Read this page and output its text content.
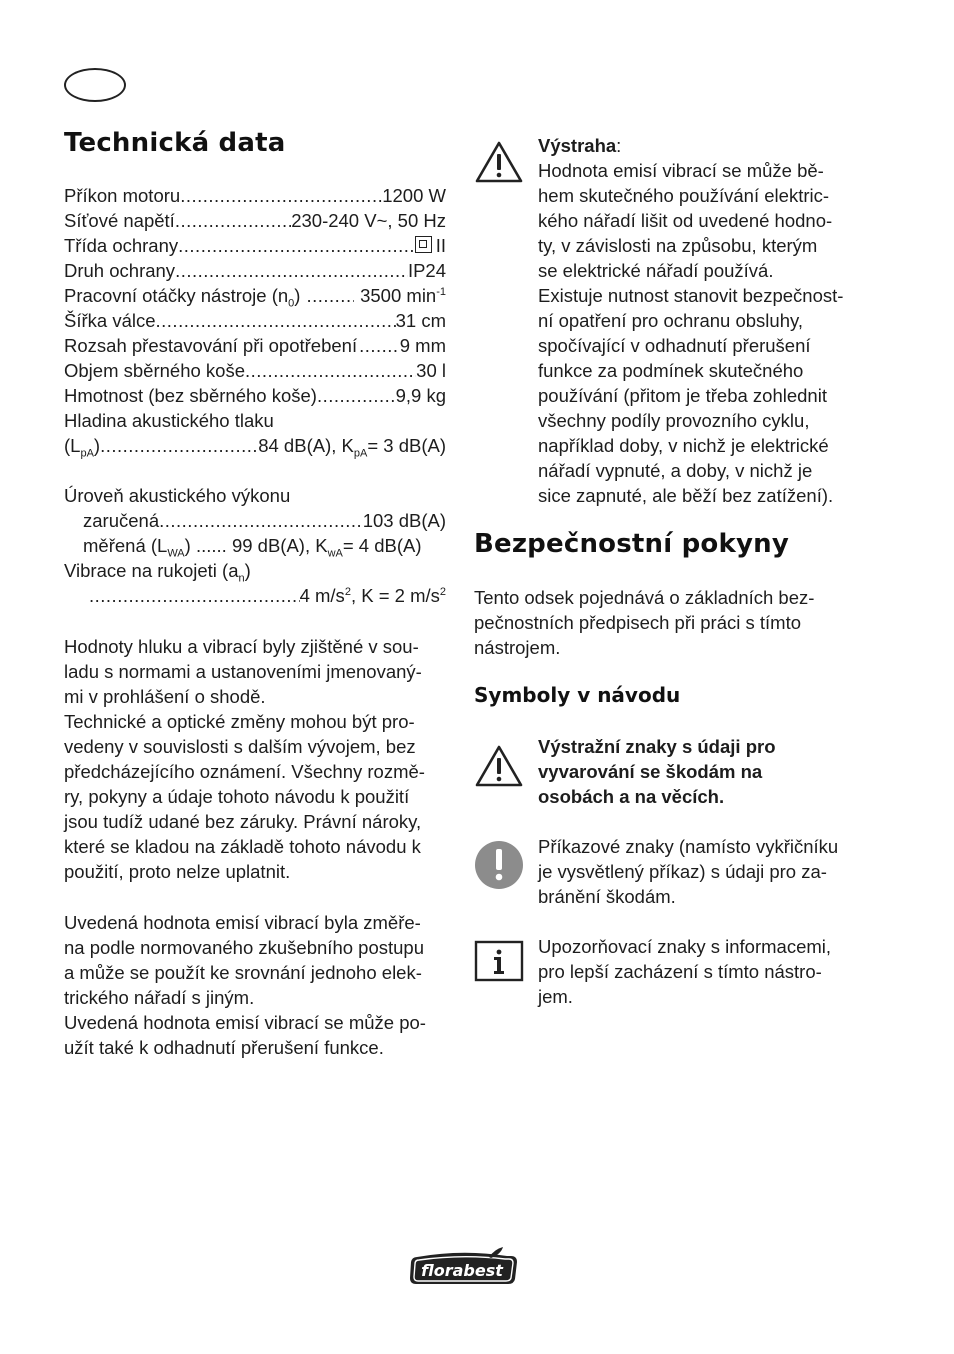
Technická data
Příkon motoru .....	1200 W
Síťové napětí .....	230-240 V~, 50 Hz
Třída ochrany .....	II
Druh ochrany .....	IP24
Pracovní otáčky nástroje $(n_0)$ .....	3500 $\min^{-1}$
Šířka válce .....	31 cm
Rozsah přestavování při opotřebení ..... 9 mm
Objem sběrného koše .....	30 l
Hmotnost (bez sběrného koše) .....	9,9 kg
Hladina akustického tlaku
$(L_{pA})$ .....	84 dB(A), $K_{pA}= 3$ dB(A)
Úroveň akustického výkonu
zaručená .....	103 dB(A)
měřená $(L_{WA})$ ...... 99 dB(A), $K_{wA}= 4$ dB(A)
Vibrace na rukojeti $(a_n)$
.....
4 $m/s^2$, K = 2 $m/s^2$
Hodnoty hluku a vibrací byly zjištěné v sou-
ladu s normami a ustanoveními jmenovaný-
mi v prohlášení o shodě.
Technické a optické změny mohou být pro-
vedeny v souvislosti s dalším vývojem, bez
předcházejícího oznámení. Všechny rozmě-
ry, pokyny a údaje tohoto návodu k použití
jsou tudíž udané bez záruky. Právní nároky,
které se kladou na základě tohoto návodu k
použití, proto nelze uplatnit.
Uvedená hodnota emisí vibrací byla změře-
na podle normovaného zkušebního postupu
a může se použít ke srovnání jednoho elek-
trického nářadí s jiným.
Uvedená hodnota emisí vibrací se může po-
užít také k odhadnutí přerušení funkce.
Výstraha:
Hodnota emisí vibrací se může bě-
hem skutečného používání elektric-
kého nářadí lišit od uvedené hodno-
ty, v závislosti na způsobu, kterým
se elektrické nářadí používá.
Existuje nutnost stanovit bezpečnost-
ní opatření pro ochranu obsluhy,
spočívající v odhadnutí přerušení
funkce za podmínek skutečného
používání (přitom je třeba zohlednit
všechny podíly provozního cyklu,
například doby, v nichž je elektrické
nářadí vypnuté, a doby, v nichž je
sice zapnuté, ale běží bez zatížení).
Bezpečnostní pokyny
Tento odsek pojednává o základních bez-
pečnostních předpisech při práci s tímto
nástrojem.
Symboly v návodu
Výstražní znaky s údaji pro
vyvarování se škodám na
osobách a na věcích.
Příkazové znaky (namísto vykřičníku
je vysvětlený příkaz) s údaji pro za-
bránění škodám.
Upozorňovací znaky s informacemi,
pro lepší zacházení s tímto nástro-
jem.
florabest
